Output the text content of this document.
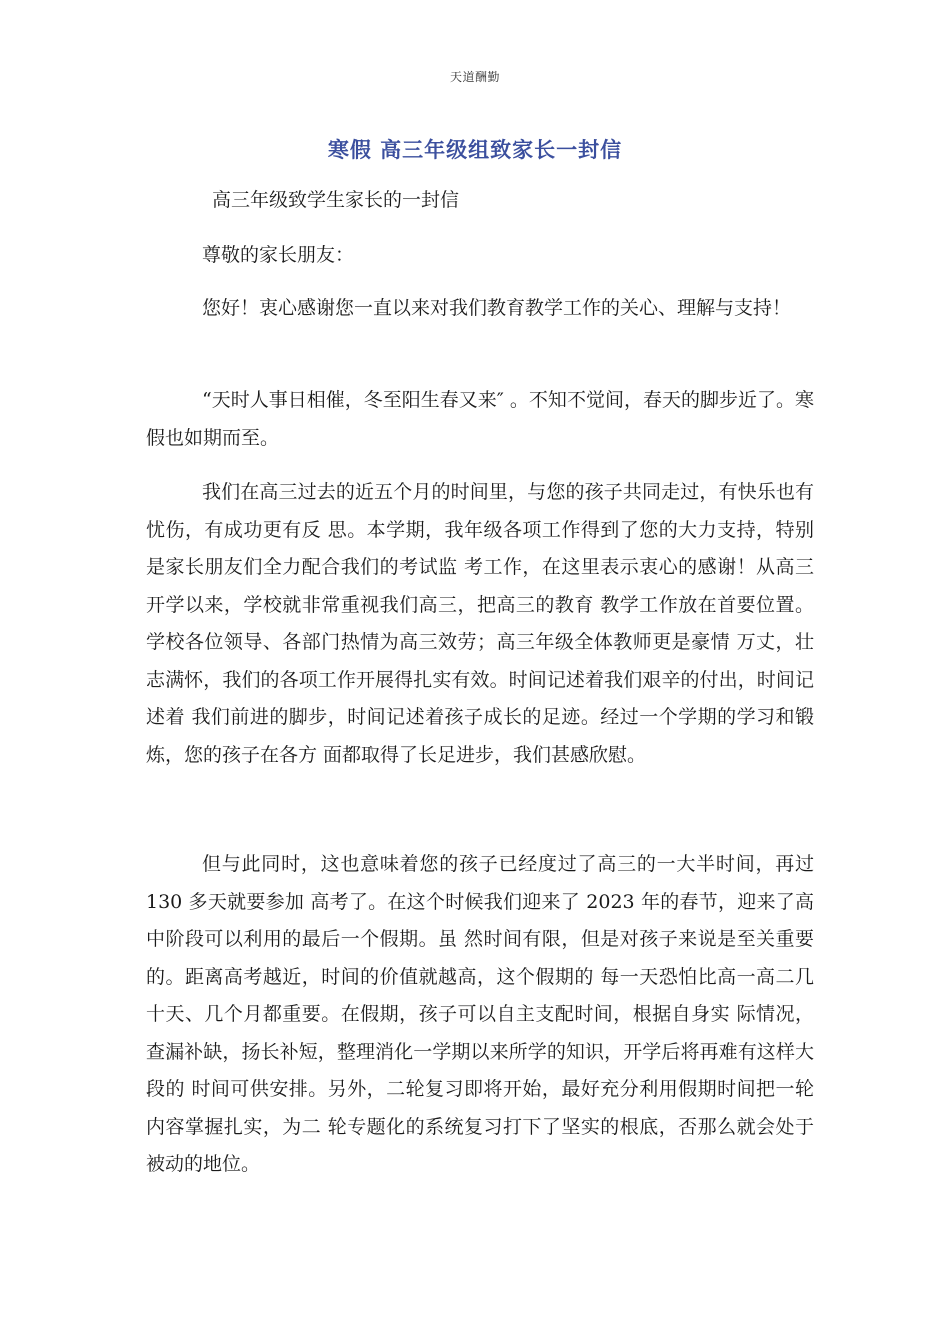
天道酬勤
寒假 高三年级组致家长一封信
高三年级致学生家长的一封信
尊敬的家长朋友：
您好！衷心感谢您一直以来对我们教育教学工作的关心、理解与支持！
“天时人事日相催，冬至阳生春又来″ 。不知不觉间，春天的脚步近了。寒假也如期而至。
我们在高三过去的近五个月的时间里，与您的孩子共同走过，有快乐也有忧伤，有成功更有反 思。本学期，我年级各项工作得到了您的大力支持，特别是家长朋友们全力配合我们的考试监 考工作，在这里表示衷心的感谢！从高三开学以来，学校就非常重视我们高三，把高三的教育 教学工作放在首要位置。学校各位领导、各部门热情为高三效劳；高三年级全体教师更是豪情 万丈，壮志满怀，我们的各项工作开展得扎实有效。时间记述着我们艰辛的付出，时间记述着 我们前进的脚步，时间记述着孩子成长的足迹。经过一个学期的学习和锻炼，您的孩子在各方 面都取得了长足进步，我们甚感欣慰。
但与此同时，这也意味着您的孩子已经度过了高三的一大半时间，再过 130 多天就要参加 高考了。在这个时候我们迎来了 2023 年的春节，迎来了高中阶段可以利用的最后一个假期。虽 然时间有限，但是对孩子来说是至关重要的。距离高考越近，时间的价值就越高，这个假期的 每一天恐怕比高一高二几十天、几个月都重要。在假期，孩子可以自主支配时间，根据自身实 际情况，查漏补缺，扬长补短，整理消化一学期以来所学的知识，开学后将再难有这样大段的 时间可供安排。另外，二轮复习即将开始，最好充分利用假期时间把一轮内容掌握扎实，为二 轮专题化的系统复习打下了坚实的根底，否那么就会处于被动的地位。
